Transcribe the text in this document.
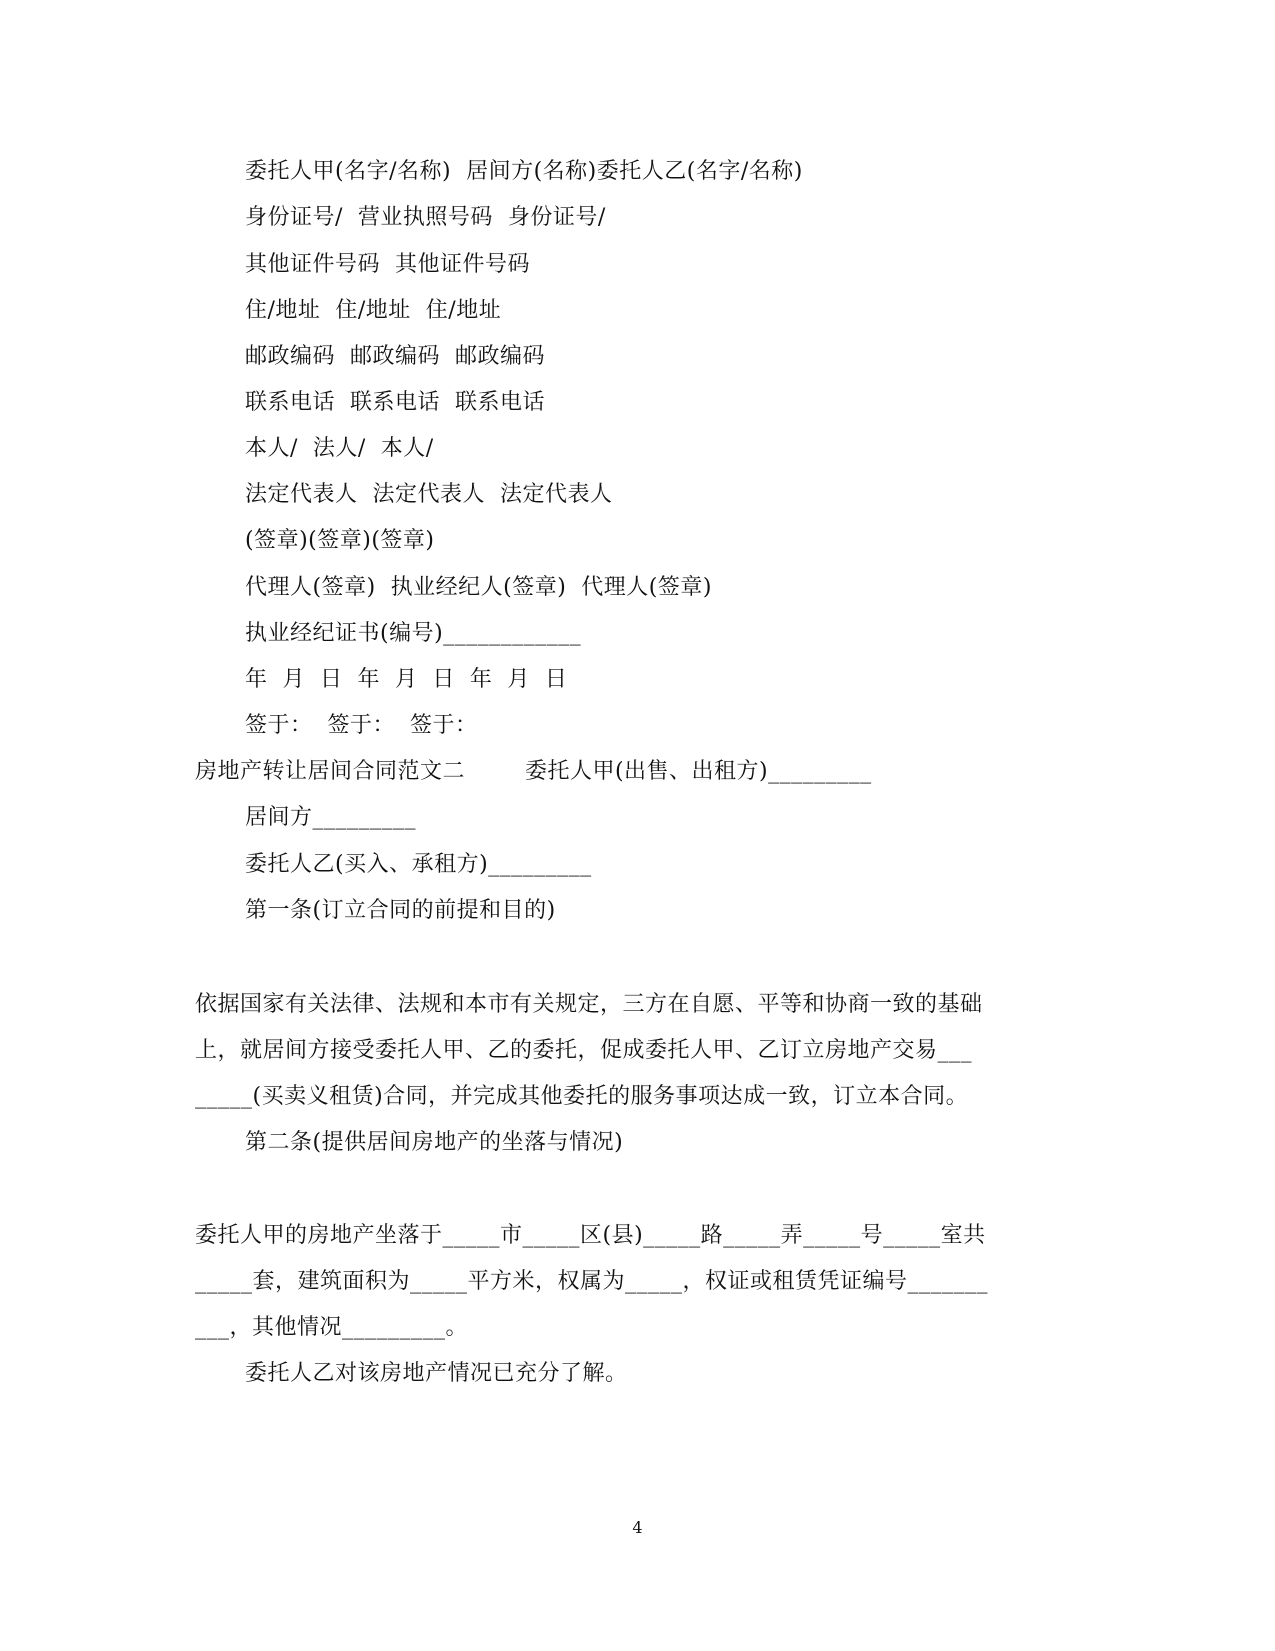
委托人甲(名字/名称)  居间方(名称)委托人乙(名字/名称)
身份证号/  营业执照号码  身份证号/
其他证件号码  其他证件号码
住/地址  住/地址  住/地址
邮政编码  邮政编码  邮政编码
联系电话  联系电话  联系电话
本人/  法人/  本人/
法定代表人  法定代表人  法定代表人
(签章)(签章)(签章)
代理人(签章)  执业经纪人(签章)  代理人(签章)
执业经纪证书(编号)____________
年  月  日  年  月  日  年  月  日
签于：  签于：  签于：
房地产转让居间合同范文二        委托人甲(出售、出租方)_________
居间方_________
委托人乙(买入、承租方)_________
第一条(订立合同的前提和目的)
依据国家有关法律、法规和本市有关规定，三方在自愿、平等和协商一致的基础
上，就居间方接受委托人甲、乙的委托，促成委托人甲、乙订立房地产交易___
_____(买卖义租赁)合同，并完成其他委托的服务事项达成一致，订立本合同。
第二条(提供居间房地产的坐落与情况)
委托人甲的房地产坐落于_____市_____区(县)_____路_____弄_____号_____室共
_____套，建筑面积为_____平方米，权属为_____，权证或租赁凭证编号_______
___，其他情况_________。
委托人乙对该房地产情况已充分了解。
4
